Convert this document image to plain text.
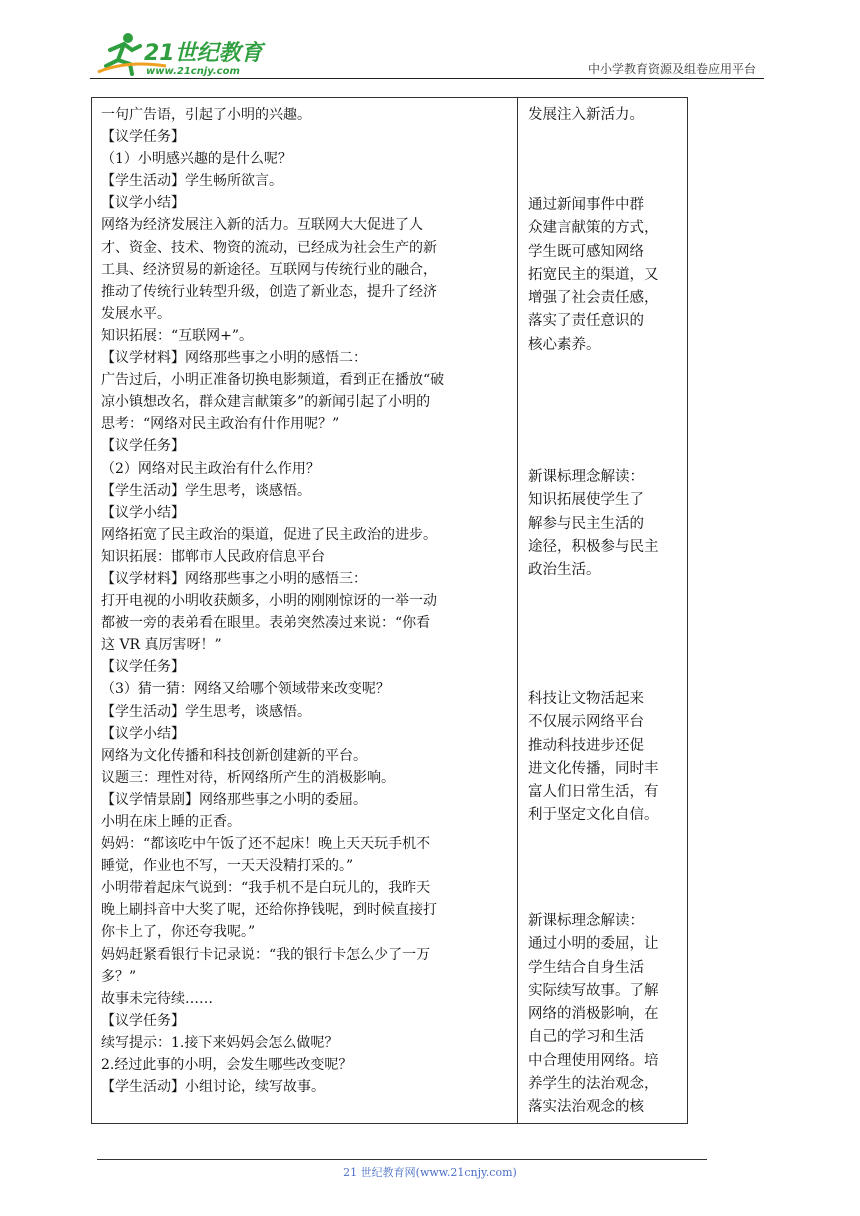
21世纪教育
www.21cnjy.com	中小学教育资源及组卷应用平台
一句广告语，引起了小明的兴趣。
【议学任务】
（1）小明感兴趣的是什么呢？
【学生活动】学生畅所欲言。
【议学小结】
网络为经济发展注入新的活力。互联网大大促进了人
才、资金、技术、物资的流动，已经成为社会生产的新
工具、经济贸易的新途径。互联网与传统行业的融合，
推动了传统行业转型升级，创造了新业态，提升了经济
发展水平。
知识拓展：“互联网+”。
【议学材料】网络那些事之小明的感悟二：
广告过后，小明正准备切换电影频道，看到正在播放“破
凉小镇想改名，群众建言献策多”的新闻引起了小明的
思考：“网络对民主政治有什作用呢？”
【议学任务】
（2）网络对民主政治有什么作用？
【学生活动】学生思考，谈感悟。
【议学小结】
网络拓宽了民主政治的渠道，促进了民主政治的进步。
知识拓展：邯郸市人民政府信息平台
【议学材料】网络那些事之小明的感悟三：
打开电视的小明收获颇多，小明的刚刚惊讶的一举一动
都被一旁的表弟看在眼里。表弟突然凑过来说：“你看
这 VR 真厉害呀！”
【议学任务】
（3）猜一猜：网络又给哪个领域带来改变呢？
【学生活动】学生思考，谈感悟。
【议学小结】
网络为文化传播和科技创新创建新的平台。
议题三：理性对待，析网络所产生的消极影响。
【议学情景剧】网络那些事之小明的委屈。
小明在床上睡的正香。
妈妈：“都该吃中午饭了还不起床！晚上天天玩手机不
睡觉，作业也不写，一天天没精打采的。”
小明带着起床气说到：“我手机不是白玩儿的，我昨天
晚上刷抖音中大奖了呢，还给你挣钱呢，到时候直接打
你卡上了，你还夸我呢。”
妈妈赶紧看银行卡记录说：“我的银行卡怎么少了一万
多？”
故事未完待续……
【议学任务】
续写提示：1.接下来妈妈会怎么做呢？
2.经过此事的小明，会发生哪些改变呢？
【学生活动】小组讨论，续写故事。
发展注入新活力。
通过新闻事件中群
众建言献策的方式，
学生既可感知网络
拓宽民主的渠道，又
增强了社会责任感，
落实了责任意识的
核心素养。
新课标理念解读：
知识拓展使学生了
解参与民主生活的
途径，积极参与民主
政治生活。
科技让文物活起来
不仅展示网络平台
推动科技进步还促
进文化传播，同时丰
富人们日常生活，有
利于坚定文化自信。
新课标理念解读：
通过小明的委屈，让
学生结合自身生活
实际续写故事。了解
网络的消极影响，在
自己的学习和生活
中合理使用网络。培
养学生的法治观念，
落实法治观念的核
21 世纪教育网(www.21cnjy.com)
